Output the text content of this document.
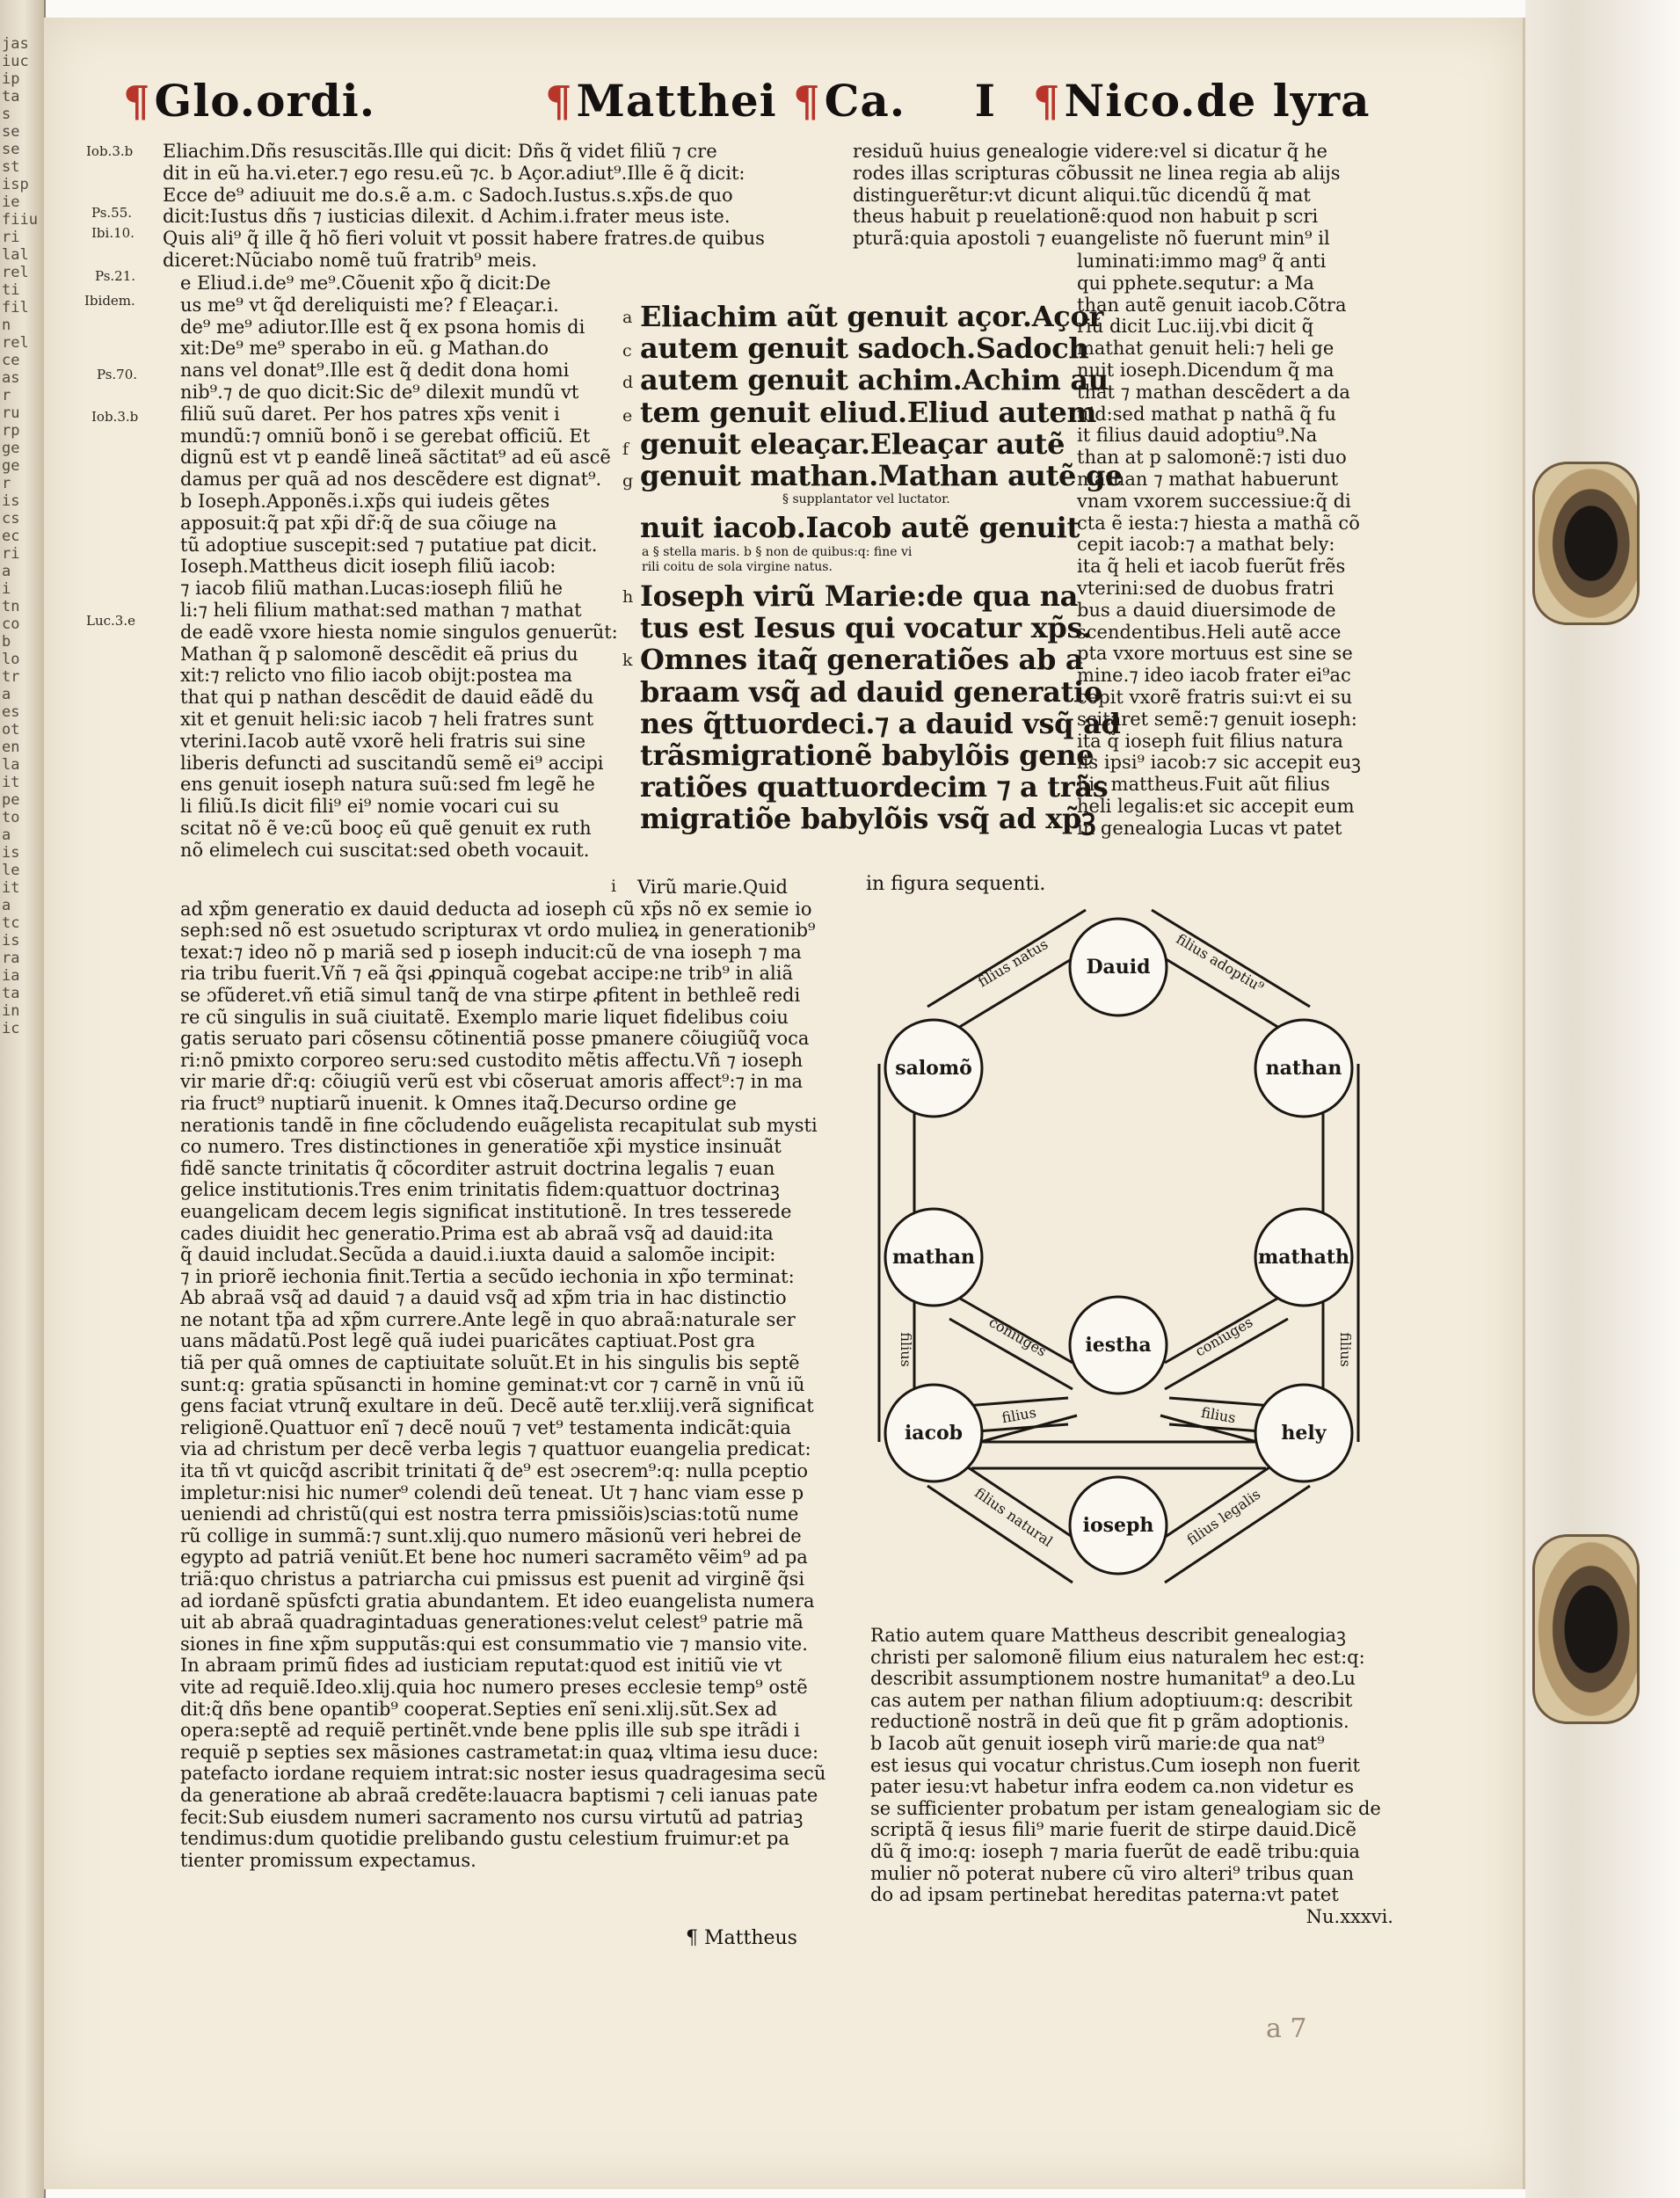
jas
iuc
ip
ta
s
se
se
st
isp
ie
fiiu
ri
lal
rel
ti
fil
n
rel
ce
as
r
ru
rp
ge
ge
r
is
cs
ec
ri
a
i
tn
co
b
lo
tr
a
es
ot
en
la
it
pe
to
a
is
le
it
a
tc
is
ra
ia
ta
in
ic
¶Glo.ordi.	¶Matthei ¶Ca. I ¶Nico.de lyra
Iob.3.b
Ps.55.
Ibi.10.
Ps.21.
Ibidem.
Ps.70.
Iob.3.b
Luc.3.e
Eliachim.Dñs resuscitãs.Ille qui dicit: Dñs q̃ videt filiũ ⁊ cre
dit in eũ ha.vi.eter.⁊ ego resu.eũ ⁊c. b Açor.adiut⁹.Ille ẽ q̃ dicit:
Ecce de⁹ adiuuit me do.s.ẽ a.m. c Sadoch.Iustus.s.xp̃s.de quo
dicit:Iustus dñs ⁊ iusticias dilexit. d Achim.i.frater meus iste.
Quis ali⁹ q̃ ille q̃ hõ fieri voluit vt possit habere fratres.de quibus
diceret:Nũciabo nomẽ tuũ fratrib⁹ meis.
e Eliud.i.de⁹ me⁹.Cõuenit xp̃o q̃ dicit:De
us me⁹ vt q̃d dereliquisti me? f Eleaçar.i.
de⁹ me⁹ adiutor.Ille est q̃ ex psona homis di
xit:De⁹ me⁹ sperabo in eũ. g Mathan.do
nans vel donat⁹.Ille est q̃ dedit dona homi
nib⁹.⁊ de quo dicit:Sic de⁹ dilexit mundũ vt
filiũ suũ daret. Per hos patres xp̃s venit i
mundũ:⁊ omniũ bonõ i se gerebat officiũ. Et
dignũ est vt p eandẽ lineã sãctitat⁹ ad eũ ascẽ
damus per quã ad nos descẽdere est dignat⁹.
b Ioseph.Apponẽs.i.xp̃s qui iudeis gẽtes
apposuit:q̃ pat xp̃i dr̃:q̃ de sua cõiuge na
tũ adoptiue suscepit:sed ⁊ putatiue pat dicit.
Ioseph.Mattheus dicit ioseph filiũ iacob:
⁊ iacob filiũ mathan.Lucas:ioseph filiũ he
li:⁊ heli filium mathat:sed mathan ⁊ mathat
de eadẽ vxore hiesta nomie singulos genuerũt:
Mathan q̃ p salomonẽ descẽdit eã prius du
xit:⁊ relicto vno filio iacob obijt:postea ma
that qui p nathan descẽdit de dauid eãdẽ du
xit et genuit heli:sic iacob ⁊ heli fratres sunt
vterini.Iacob autẽ vxorẽ heli fratris sui sine
liberis defuncti ad suscitandũ semẽ ei⁹ accipi
ens genuit ioseph natura suũ:sed fm legẽ he
li filiũ.Is dicit fili⁹ ei⁹ nomie vocari cui su
scitat nõ ẽ ve:cũ booç eũ quẽ genuit ex ruth
nõ elimelech cui suscitat:sed obeth vocauit.
a
c
d
e
f
g
h
k
Eliachim aũt genuit açor.Açor
autem genuit sadoch.Sadoch
autem genuit achim.Achim au
tem genuit eliud.Eliud autem
genuit eleaçar.Eleaçar autẽ
genuit mathan.Mathan autẽ ge
§ supplantator vel luctator.
nuit iacob.Iacob autẽ genuit
a § stella maris. b § non de quibus:q: fine vi
rili coitu de sola virgine natus.
Ioseph virũ Marie:de qua na
tus est Iesus qui vocatur xp̃s.
Omnes itaq̃ generatiões ab a
braam vsq̃ ad dauid generatio
nes q̃ttuordeci.⁊ a dauid vsq̃ ad
trãsmigrationẽ babylõis gene
ratiões quattuordecim ⁊ a trãs
migratiõe babylõis vsq̃ ad xp̃ꝫ
residuũ huius genealogie videre:vel si dicatur q̃ he
rodes illas scripturas cõbussit ne linea regia ab alijs
distinguerẽtur:vt dicunt aliqui.tũc dicendũ q̃ mat
theus habuit p reuelationẽ:quod non habuit p scri
pturã:quia apostoli ⁊ euangeliste nõ fuerunt min⁹ il
luminati:immo mag⁹ q̃ anti
qui pphete.sequtur: a Ma
than autẽ genuit iacob.Cõtra
riũ dicit Luc.iij.vbi dicit q̃
mathat genuit heli:⁊ heli ge
nuit ioseph.Dicendum q̃ ma
that ⁊ mathan descẽdert a da
uid:sed mathat p nathã q̃ fu
it filius dauid adoptiu⁹.Na
than at p salomonẽ:⁊ isti duo
mathan ⁊ mathat habuerunt
vnam vxorem successiue:q̃ di
cta ẽ iesta:⁊ hiesta a mathã cõ
cepit iacob:⁊ a mathat bely:
ita q̃ heli et iacob fuerũt frẽs
vterini:sed de duobus fratri
bus a dauid diuersimode de
scendentibus.Heli autẽ acce
pta vxore mortuus est sine se
mine.⁊ ideo iacob frater ei⁹ac
cepit vxorẽ fratris sui:vt ei su
scitaret semẽ:⁊ genuit ioseph:
ita q̃ ioseph fuit filius natura
lis ipsi⁹ iacob:⁊ sic accepit euꝫ
hic mattheus.Fuit aũt filius
heli legalis:et sic accepit eum
in genealogia Lucas vt patet
Virũ marie.Quid
ad xp̃m generatio ex dauid deducta ad ioseph cũ xp̃s nõ ex semie io
seph:sed nõ est ɔsuetudo scripturax vt ordo mulieꝝ in generationib⁹
texat:⁊ ideo nõ p mariã sed p ioseph inducit:cũ de vna ioseph ⁊ ma
ria tribu fuerit.Vñ ⁊ eã q̃si ꝓpinquã cogebat accipe:ne trib⁹ in aliã
se ɔfũderet.vñ etiã simul tanq̃ de vna stirpe ꝓfitent in bethleẽ redi
re cũ singulis in suã ciuitatẽ. Exemplo marie liquet fidelibus coiu
gatis seruato pari cõsensu cõtinentiã posse pmanere cõiugiũq̃ voca
ri:nõ pmixto corporeo seru:sed custodito mẽtis affectu.Vñ ⁊ ioseph
vir marie dr̃:q: cõiugiũ verũ est vbi cõseruat amoris affect⁹:⁊ in ma
ria fruct⁹ nuptiarũ inuenit. k Omnes itaq̃.Decurso ordine ge
nerationis tandẽ in fine cõcludendo euãgelista recapitulat sub mysti
co numero. Tres distinctiones in generatiõe xp̃i mystice insinuãt
fidẽ sancte trinitatis q̃ cõcorditer astruit doctrina legalis ⁊ euan
gelice institutionis.Tres enim trinitatis fidem:quattuor doctrinaꝫ
euangelicam decem legis significat institutionẽ. In tres tesserede
cades diuidit hec generatio.Prima est ab abraã vsq̃ ad dauid:ita
q̃ dauid includat.Secũda a dauid.i.iuxta dauid a salomõe incipit:
⁊ in priorẽ iechonia finit.Tertia a secũdo iechonia in xp̃o terminat:
Ab abraã vsq̃ ad dauid ⁊ a dauid vsq̃ ad xp̃m tria in hac distinctio
ne notant tp̃a ad xp̃m currere.Ante legẽ in quo abraã:naturale ser
uans mãdatũ.Post legẽ quã iudei puaricãtes captiuat.Post gra
tiã per quã omnes de captiuitate soluũt.Et in his singulis bis septẽ
sunt:q: gratia spũsancti in homine geminat:vt cor ⁊ carnẽ in vnũ iũ
gens faciat vtrunq̃ exultare in deũ. Decẽ autẽ ter.xliij.verã significat
religionẽ.Quattuor enĩ ⁊ decẽ nouũ ⁊ vet⁹ testamenta indicãt:quia
via ad christum per decẽ verba legis ⁊ quattuor euangelia predicat:
ita tñ vt quicq̃d ascribit trinitati q̃ de⁹ est ɔsecrem⁹:q: nulla pceptio
impletur:nisi hic numer⁹ colendi deũ teneat. Ut ⁊ hanc viam esse p
ueniendi ad christũ(qui est nostra terra pmissiõis)scias:totũ nume
rũ collige in summã:⁊ sunt.xlij.quo numero mãsionũ veri hebrei de
egypto ad patriã veniũt.Et bene hoc numeri sacramẽto vẽim⁹ ad pa
triã:quo christus a patriarcha cui pmissus est puenit ad virginẽ q̃si
ad iordanẽ spũsfcti gratia abundantem. Et ideo euangelista numera
uit ab abraã quadragintaduas generationes:velut celest⁹ patrie mã
siones in fine xp̃m supputãs:qui est consummatio vie ⁊ mansio vite.
In abraam primũ fides ad iusticiam reputat:quod est initiũ vie vt
vite ad requiẽ.Ideo.xlij.quia hoc numero preses ecclesie temp⁹ ostẽ
dit:q̃ dñs bene opantib⁹ cooperat.Septies enĩ seni.xlij.sũt.Sex ad
opera:septẽ ad requiẽ pertinẽt.vnde bene pplis ille sub spe itrãdi i
requiẽ p septies sex mãsiones castrametat:in quaꝝ vltima iesu duce:
patefacto iordane requiem intrat:sic noster iesus quadragesima secũ
da generatione ab abraã credẽte:lauacra baptismi ⁊ celi ianuas pate
fecit:Sub eiusdem numeri sacramento nos cursu virtutũ ad patriaꝫ
tendimus:dum quotidie prelibando gustu celestium fruimur:et pa
tienter promissum expectamus.
i
¶ Mattheus
in figura sequenti.
Dauid
salomõ	nathan
mathan	mathath
iestha
iacob	hely
ioseph
filius natus	filius adoptiu⁹
coniuges	coniuges
filius	filius
filius	filius
filius natural	filius legalis
Ratio autem quare Mattheus describit genealogiaꝫ
christi per salomonẽ filium eius naturalem hec est:q:
describit assumptionem nostre humanitat⁹ a deo.Lu
cas autem per nathan filium adoptiuum:q: describit
reductionẽ nostrã in deũ que fit p grãm adoptionis.
b Iacob aũt genuit ioseph virũ marie:de qua nat⁹
est iesus qui vocatur christus.Cum ioseph non fuerit
pater iesu:vt habetur infra eodem ca.non videtur es
se sufficienter probatum per istam genealogiam sic de
scriptã q̃ iesus fili⁹ marie fuerit de stirpe dauid.Dicẽ
dũ q̃ imo:q: ioseph ⁊ maria fuerũt de eadẽ tribu:quia
mulier nõ poterat nubere cũ viro alteri⁹ tribus quan
do ad ipsam pertinebat hereditas paterna:vt patet
Nu.xxxvi.
a 7
